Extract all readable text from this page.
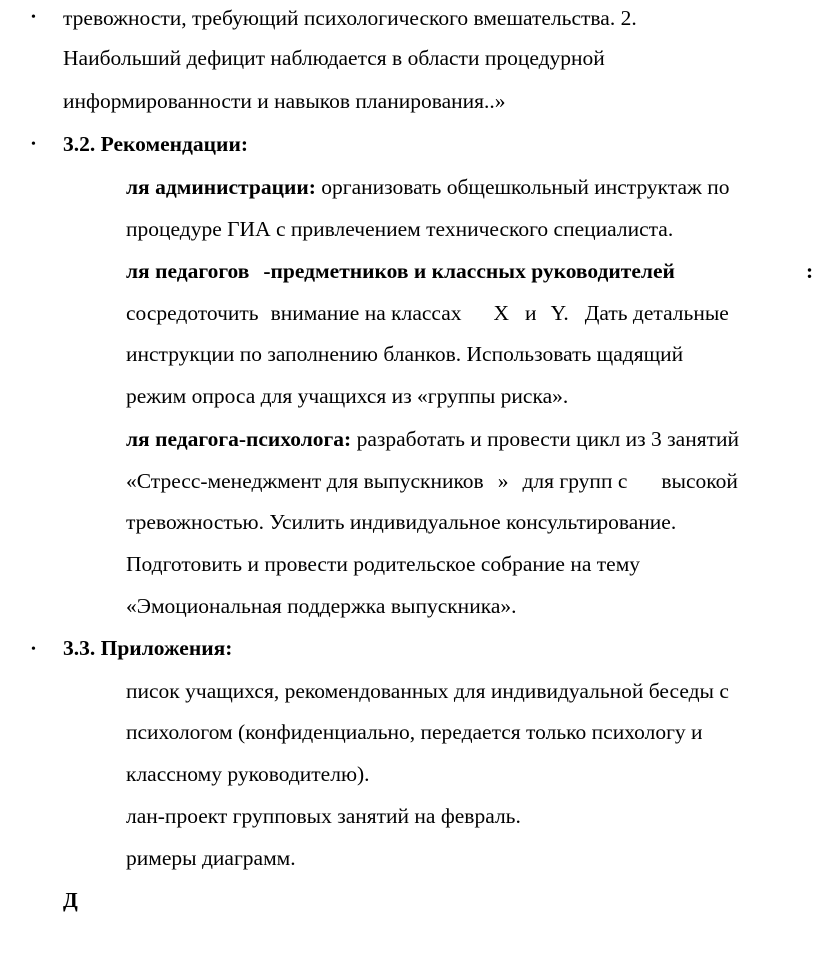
• тревожности, требующий психологического вмешательства. 2.
Наибольший дефицит наблюдается в области процедурной
информированности и навыков планирования..»
• 3.2. Рекомендации:
ля администрации: организовать общешкольный инструктаж по
процедуре ГИА с привлечением технического специалиста.
ля педагогов -предметников и классных руководителей	:
сосредоточить внимание на классах X и Y. Дать детальные
инструкции по заполнению бланков. Использовать щадящий
режим опроса для учащихся из «группы риска».
ля педагога-психолога: разработать и провести цикл из 3 занятий
«Стресс-менеджмент для выпускников » для групп с высокой
тревожностью. Усилить индивидуальное консультирование.
Подготовить и провести родительское собрание на тему
«Эмоциональная поддержка выпускника».
• 3.3. Приложения:
писок учащихся, рекомендованных для индивидуальной беседы с
психологом (конфиденциально, передается только психологу и
классному руководителю).
лан-проект групповых занятий на февраль.
римеры диаграмм.
Д
